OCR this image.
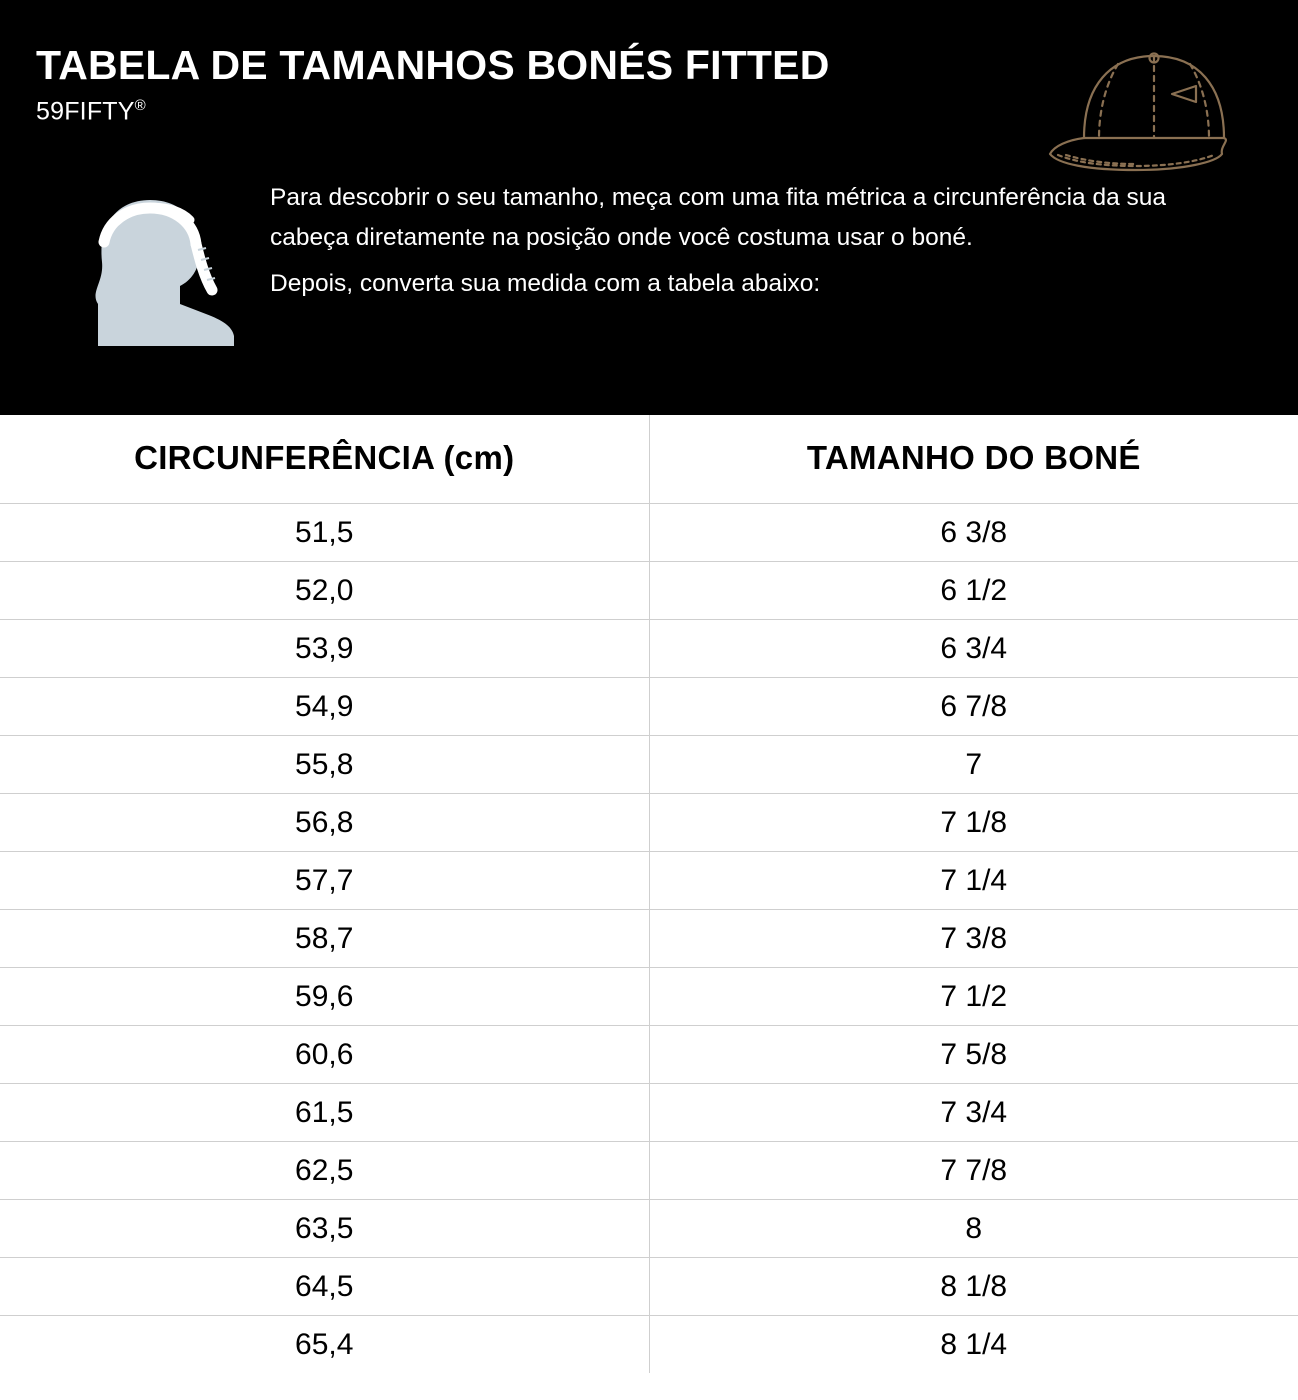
TABELA DE TAMANHOS BONÉS FITTED
59FIFTY®

Para descobrir o seu tamanho, meça com uma fita métrica a circunferência da sua cabeça diretamente na posição onde você costuma usar o boné.

Depois, converta sua medida com a tabela abaixo:

CIRCUNFERÊNCIA (cm)	TAMANHO DO BONÉ
51,5	6 3/8
52,0	6 1/2
53,9	6 3/4
54,9	6 7/8
55,8	7
56,8	7 1/8
57,7	7 1/4
58,7	7 3/8
59,6	7 1/2
60,6	7 5/8
61,5	7 3/4
62,5	7 7/8
63,5	8
64,5	8 1/8
65,4	8 1/4
